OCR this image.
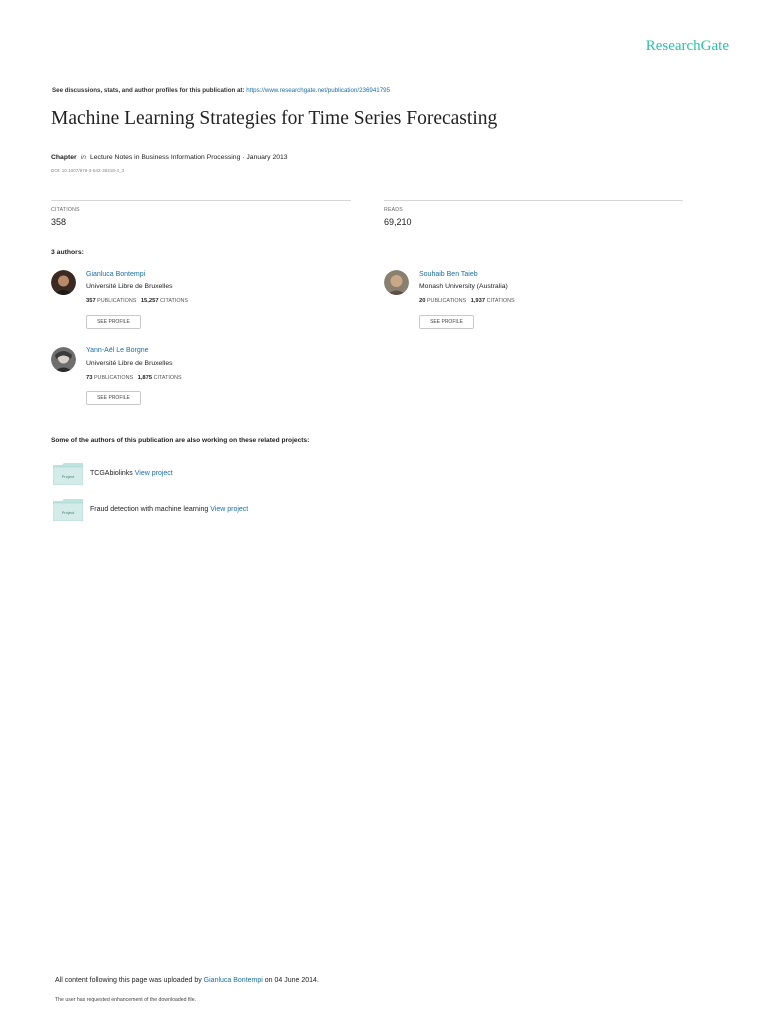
ResearchGate
See discussions, stats, and author profiles for this publication at: https://www.researchgate.net/publication/236941795
Machine Learning Strategies for Time Series Forecasting
Chapter in Lecture Notes in Business Information Processing · January 2013
DOI: 10.1007/978-3-642-36318-4_3
CITATIONS
358
READS
69,210
3 authors:
Gianluca Bontempi
Université Libre de Bruxelles
357 PUBLICATIONS 15,257 CITATIONS
SEE PROFILE
Souhaib Ben Taieb
Monash University (Australia)
20 PUBLICATIONS 1,937 CITATIONS
SEE PROFILE
Yann-Aël Le Borgne
Université Libre de Bruxelles
73 PUBLICATIONS 1,875 CITATIONS
SEE PROFILE
Some of the authors of this publication are also working on these related projects:
Project TCGAbiolinks View project
Project Fraud detection with machine learning View project
All content following this page was uploaded by Gianluca Bontempi on 04 June 2014.
The user has requested enhancement of the downloaded file.
